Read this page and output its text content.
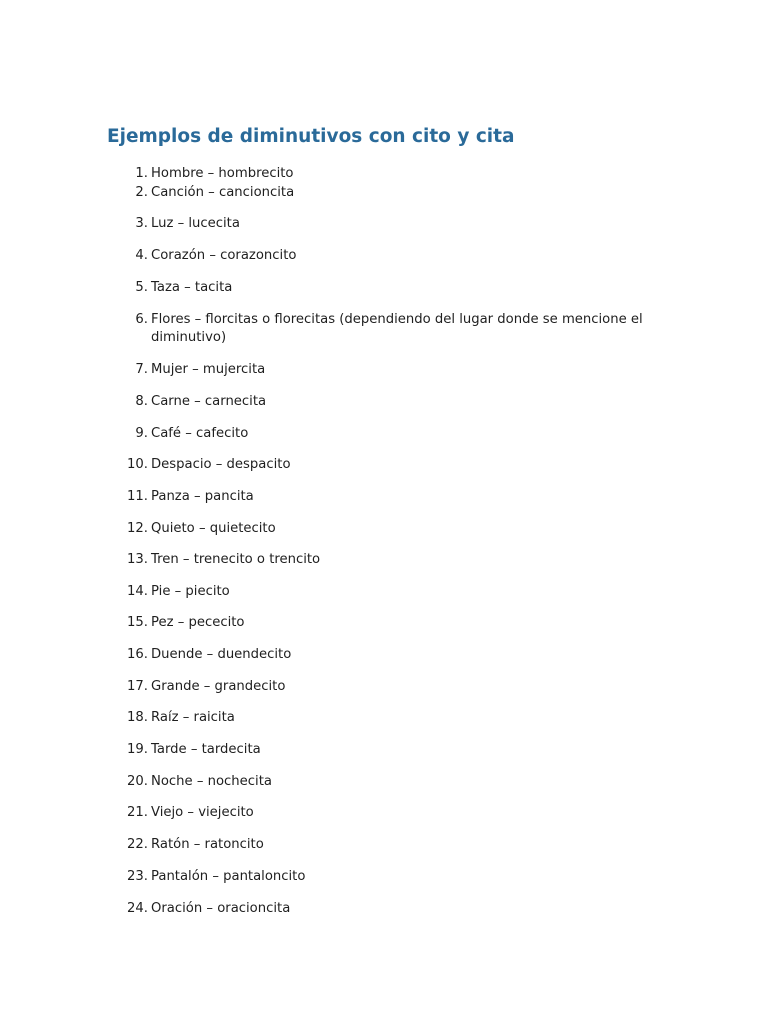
Ejemplos de diminutivos con cito y cita
1. Hombre – hombrecito
2. Canción – cancioncita
3. Luz – lucecita
4. Corazón – corazoncito
5. Taza – tacita
6. Flores – florcitas o florecitas (dependiendo del lugar donde se mencione el diminutivo)
7. Mujer – mujercita
8. Carne – carnecita
9. Café – cafecito
10. Despacio – despacito
11. Panza – pancita
12. Quieto – quietecito
13. Tren – trenecito o trencito
14. Pie – piecito
15. Pez – pececito
16. Duende – duendecito
17. Grande – grandecito
18. Raíz – raicita
19. Tarde – tardecita
20. Noche – nochecita
21. Viejo – viejecito
22. Ratón – ratoncito
23. Pantalón – pantaloncito
24. Oración – oracioncita
